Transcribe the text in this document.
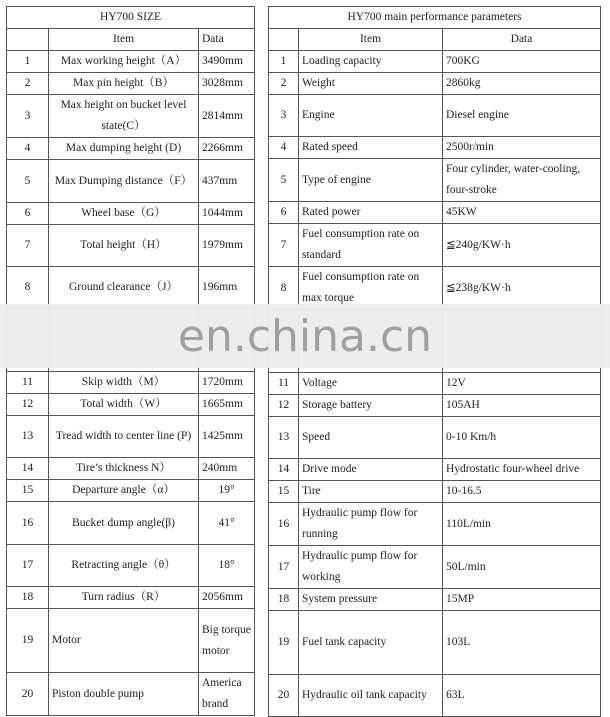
HY700 SIZE		
	Item	Data
1	Max working height（A）	3490mm
2	Max pin height（B）	3028mm
3	Max height on bucket level state(C）	2814mm
4	Max dumping height (D)	2266mm
5	Max Dumping distance（F）	437mm
6	Wheel base（G）	1044mm
7	Total height（H）	1979mm
8	Ground clearance（J）	196mm

11	Skip width（M）	1720mm
12	Total width（W）	1665mm
13	Tread width to center line (P)	1425mm
14	Tire’s thickness N）	240mm
15	Departure angle（α）	19°
16	Bucket dump angle(β)	41°
17	Retracting angle（θ）	18°
18	Turn radius（R）	2056mm
19	Motor	Big torque motor
20	Piston double pump	America brand
HY700 main performance parameters		
	Item	Data
1	Loading capacity	700KG
2	Weight	2860kg
3	Engine	Diesel engine
4	Rated speed	2500r/min
5	Type of engine	Four cylinder, water-cooling, four-stroke
6	Rated power	45KW
7	Fuel consumption rate on standard	≦240g/KW·h
8	Fuel consumption rate on max torque	≦238g/KW·h

11	Voltage	12V
12	Storage battery	105AH
13	Speed	0-10 Km/h
14	Drive mode	Hydrostatic four-wheel drive
15	Tire	10-16.5
16	Hydraulic pump flow for running	110L/min
17	Hydraulic pump flow for working	50L/min
18	System pressure	15MP
19	Fuel tank capacity	103L
20	Hydraulic oil tank capacity	63L
en.china.cn
